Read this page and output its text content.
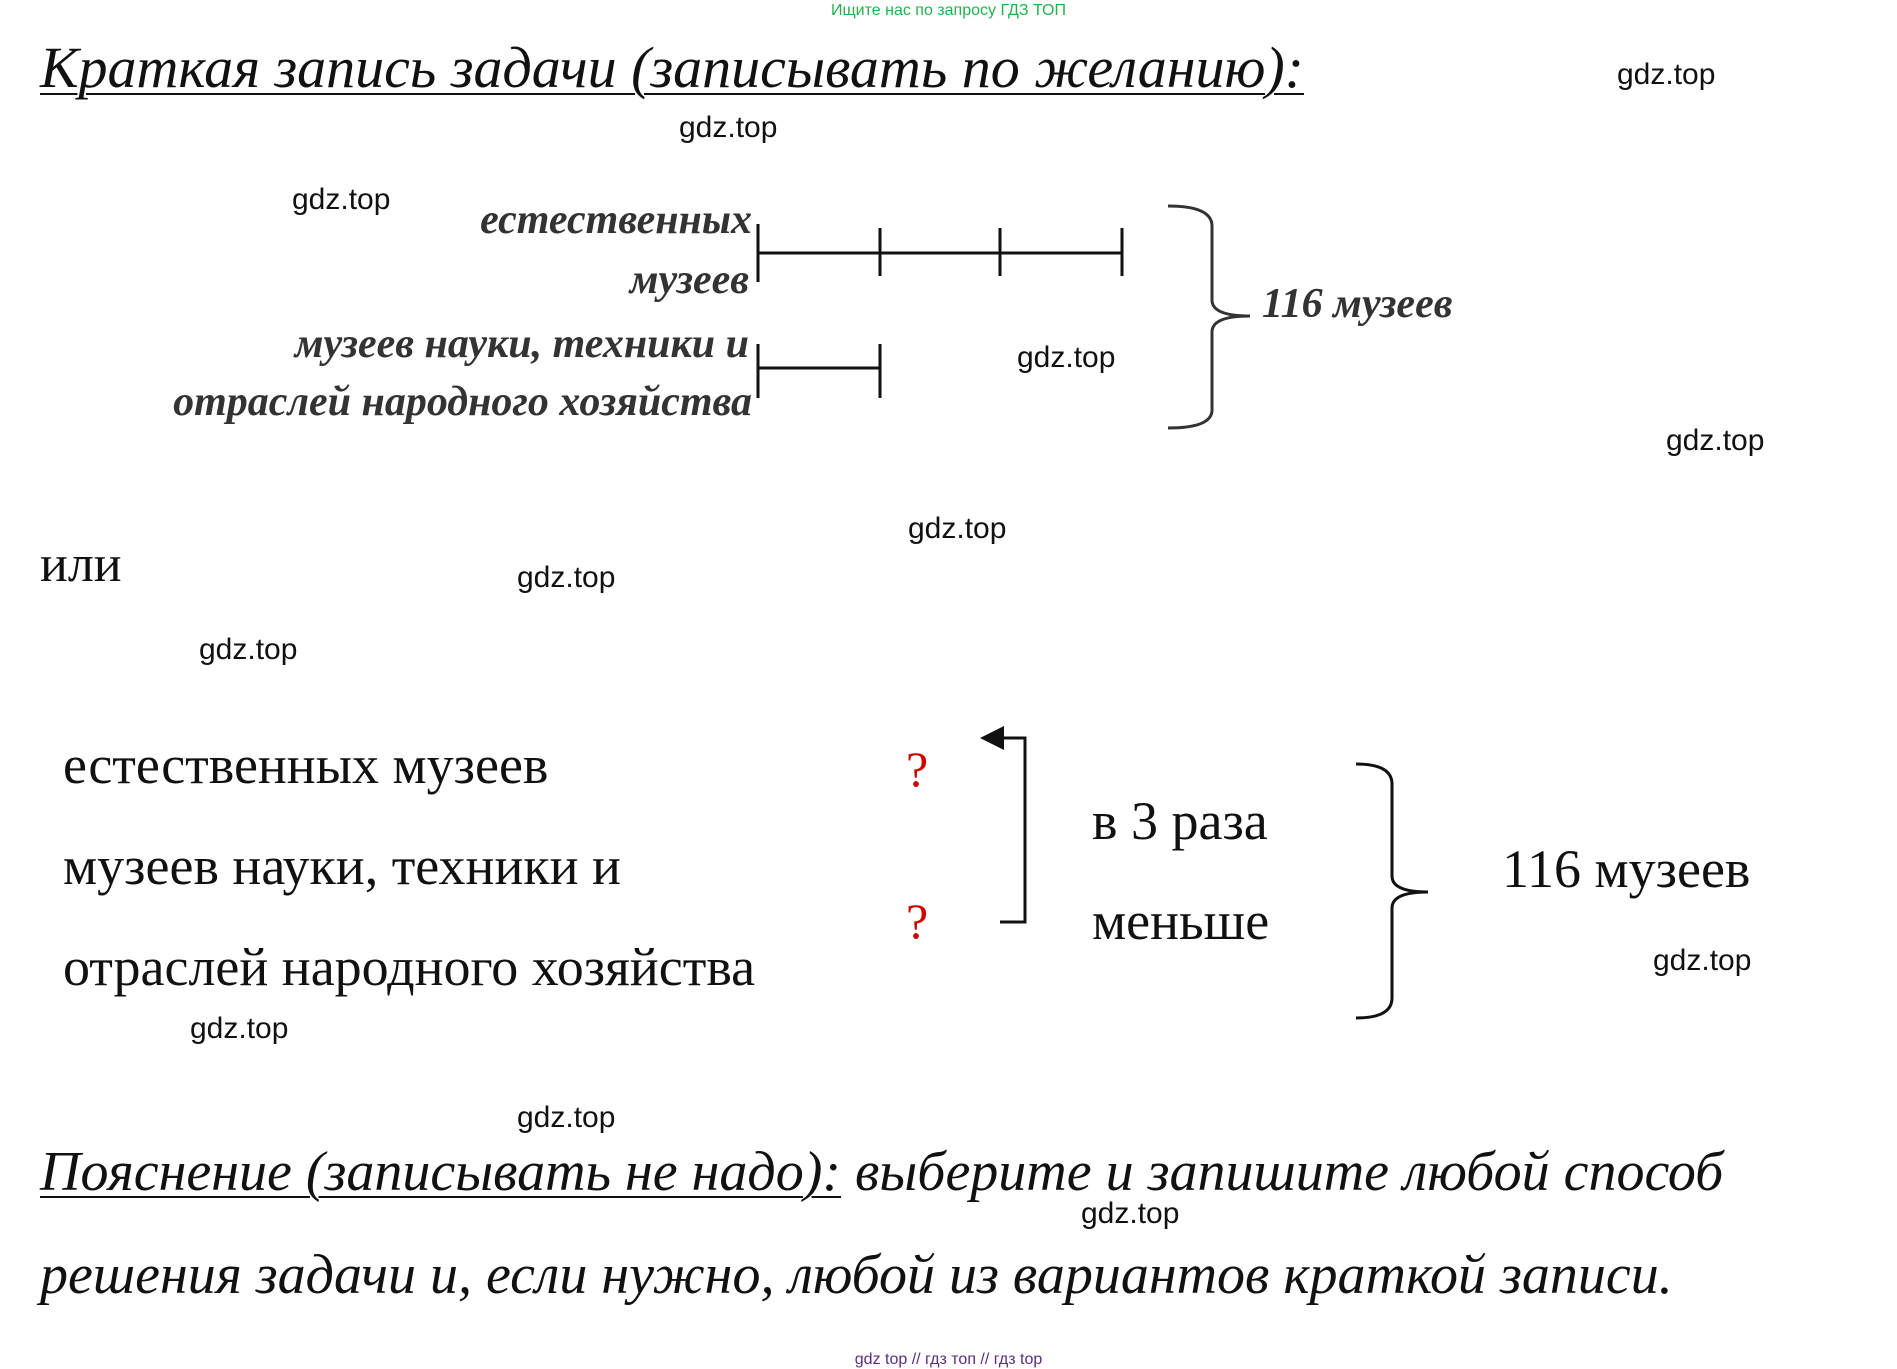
Ищите нас по запросу ГДЗ ТОП
Краткая запись задачи (записывать по желанию):	gdz.top
gdz.top
gdz.top
gdz.top
gdz.top
gdz.top
gdz.top
gdz.top
gdz.top
gdz.top
gdz.top
gdz.top
естественных
музеев
музеев науки, техники и
отраслей народного хозяйства
116 музеев
или
естественных музеев
музеев науки, техники и
отраслей народного хозяйства
?
?
в 3 раза
меньше
116 музеев
Пояснение (записывать не надо): выберите и запишите любой способ
решения задачи и, если нужно, любой из вариантов краткой записи.
gdz top // гдз топ // гдз top
